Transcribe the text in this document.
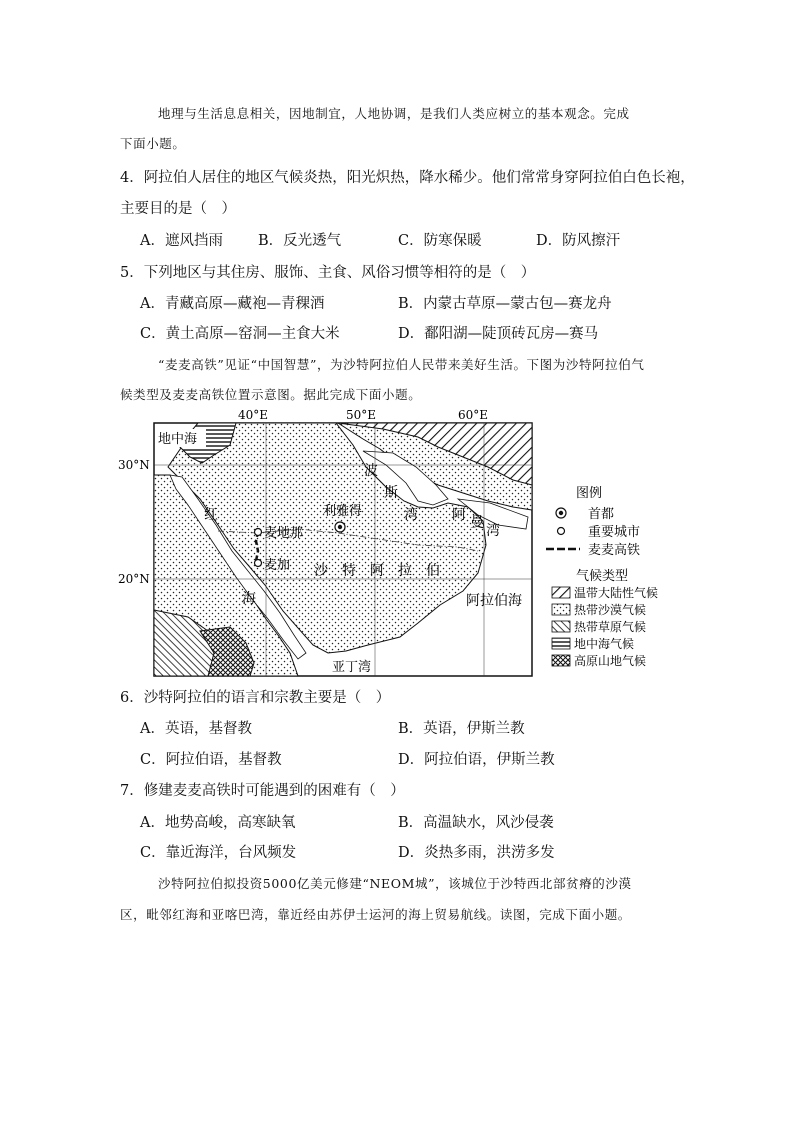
地理与生活息息相关，因地制宜，人地协调，是我们人类应树立的基本观念。完成
下面小题。
4．阿拉伯人居住的地区气候炎热，阳光炽热，降水稀少。他们常常身穿阿拉伯白色长袍，
主要目的是（　）
A．遮风挡雨 B．反光透气	C．防寒保暖	D．防风擦汗
5．下列地区与其住房、服饰、主食、风俗习惯等相符的是（　）
A．青藏高原—藏袍—青稞酒	B．内蒙古草原—蒙古包—赛龙舟
C．黄土高原—窑洞—主食大米	D．鄱阳湖—陡顶砖瓦房—赛马
“麦麦高铁”见证“中国智慧”，为沙特阿拉伯人民带来美好生活。下图为沙特阿拉伯气
候类型及麦麦高铁位置示意图。据此完成下面小题。
40°E	50°E	60°E
30°N
20°N
地中海
红
海
麦地那
麦加
利雅得
波
斯
湾 阿 曼 湾
沙　特　阿　拉　伯
阿拉伯海
亚丁湾
图例
首都
重要城市
麦麦高铁
气候类型
温带大陆性气候
热带沙漠气候
热带草原气候
地中海气候
高原山地气候
6．沙特阿拉伯的语言和宗教主要是（　）
A．英语，基督教	B．英语，伊斯兰教
C．阿拉伯语，基督教	D．阿拉伯语，伊斯兰教
7．修建麦麦高铁时可能遇到的困难有（　）
A．地势高峻，高寒缺氧	B．高温缺水，风沙侵袭
C．靠近海洋，台风频发	D．炎热多雨，洪涝多发
沙特阿拉伯拟投资5000亿美元修建“NEOM城”，该城位于沙特西北部贫瘠的沙漠
区，毗邻红海和亚喀巴湾，靠近经由苏伊士运河的海上贸易航线。读图，完成下面小题。
